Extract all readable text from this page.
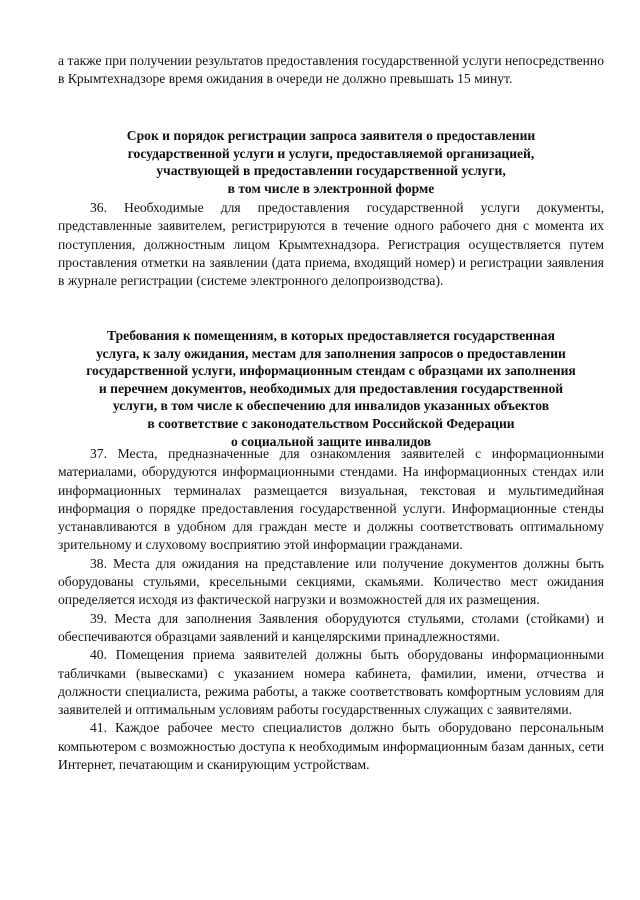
а также при получении результатов предоставления государственной услуги непосредственно в Крымтехнадзоре время ожидания в очереди не должно превышать 15 минут.

Срок и порядок регистрации запроса заявителя о предоставлении
государственной услуги и услуги, предоставляемой организацией,
участвующей в предоставлении государственной услуги,
в том числе в электронной форме

36. Необходимые для предоставления государственной услуги документы, представленные заявителем, регистрируются в течение одного рабочего дня с момента их поступления, должностным лицом Крымтехнадзора. Регистрация осуществляется путем проставления отметки на заявлении (дата приема, входящий номер) и регистрации заявления в журнале регистрации (системе электронного делопроизводства).

Требования к помещениям, в которых предоставляется государственная
услуга, к залу ожидания, местам для заполнения запросов о предоставлении
государственной услуги, информационным стендам с образцами их заполнения
и перечнем документов, необходимых для предоставления государственной
услуги, в том числе к обеспечению для инвалидов указанных объектов
в соответствие с законодательством Российской Федерации
о социальной защите инвалидов

37. Места, предназначенные для ознакомления заявителей с информационными материалами, оборудуются информационными стендами. На информационных стендах или информационных терминалах размещается визуальная, текстовая и мультимедийная информация о порядке предоставления государственной услуги. Информационные стенды устанавливаются в удобном для граждан месте и должны соответствовать оптимальному зрительному и слуховому восприятию этой информации гражданами.

38. Места для ожидания на представление или получение документов должны быть оборудованы стульями, кресельными секциями, скамьями. Количество мест ожидания определяется исходя из фактической нагрузки и возможностей для их размещения.

39. Места для заполнения Заявления оборудуются стульями, столами (стойками) и обеспечиваются образцами заявлений и канцелярскими принадлежностями.

40. Помещения приема заявителей должны быть оборудованы информационными табличками (вывесками) с указанием номера кабинета, фамилии, имени, отчества и должности специалиста, режима работы, а также соответствовать комфортным условиям для заявителей и оптимальным условиям работы государственных служащих с заявителями.

41. Каждое рабочее место специалистов должно быть оборудовано персональным компьютером с возможностью доступа к необходимым информационным базам данных, сети Интернет, печатающим и сканирующим устройствам.
